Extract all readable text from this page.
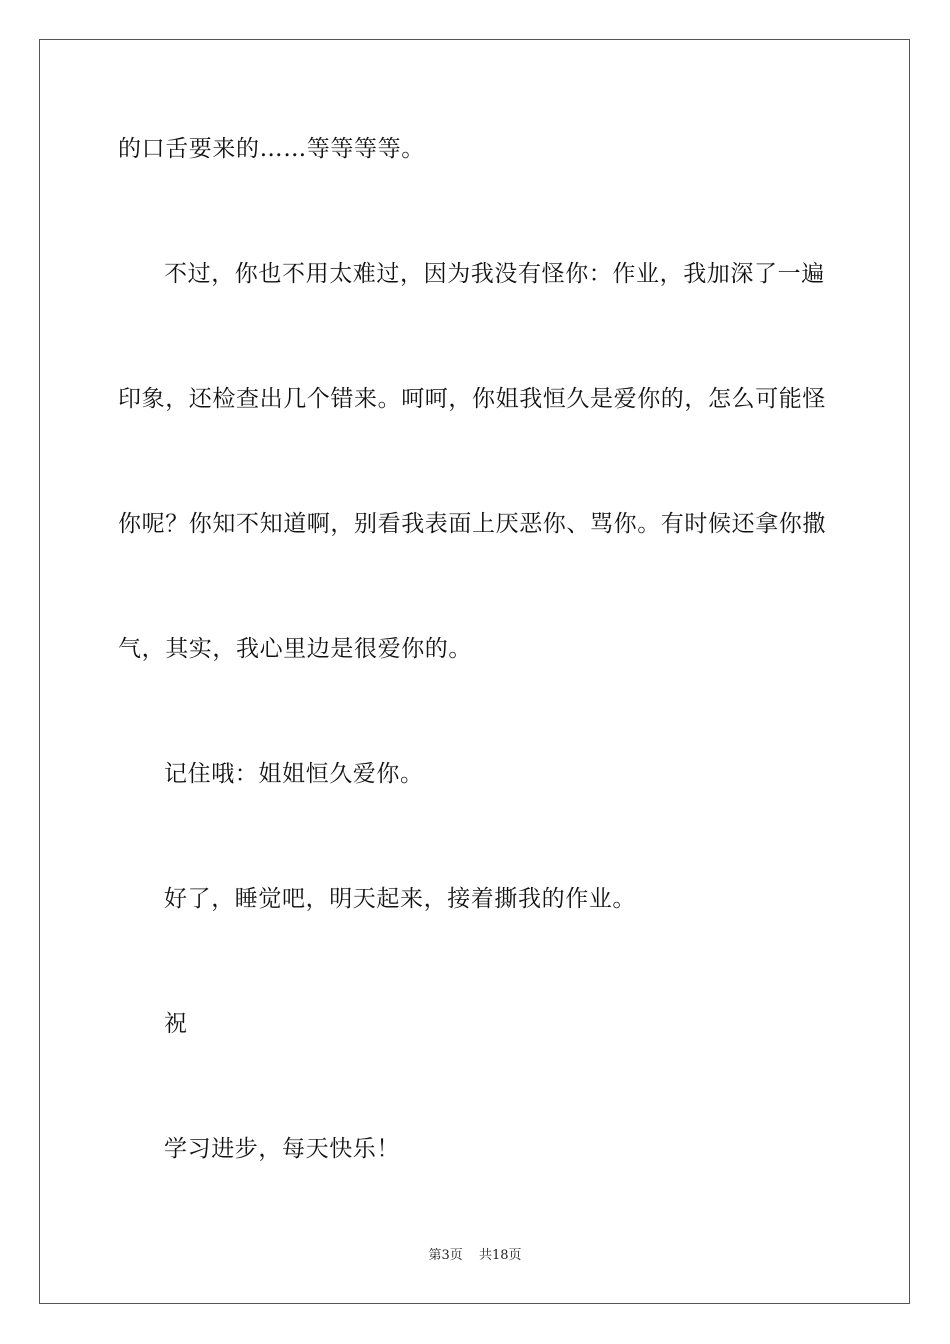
的口舌要来的……等等等等。
不过，你也不用太难过，因为我没有怪你：作业，我加深了一遍
印象，还检查出几个错来。呵呵，你姐我恒久是爱你的，怎么可能怪
你呢？你知不知道啊，别看我表面上厌恶你、骂你。有时候还拿你撒
气，其实，我心里边是很爱你的。
记住哦：姐姐恒久爱你。
好了，睡觉吧，明天起来，接着撕我的作业。
祝
学习进步，每天快乐！
第3页 共18页
